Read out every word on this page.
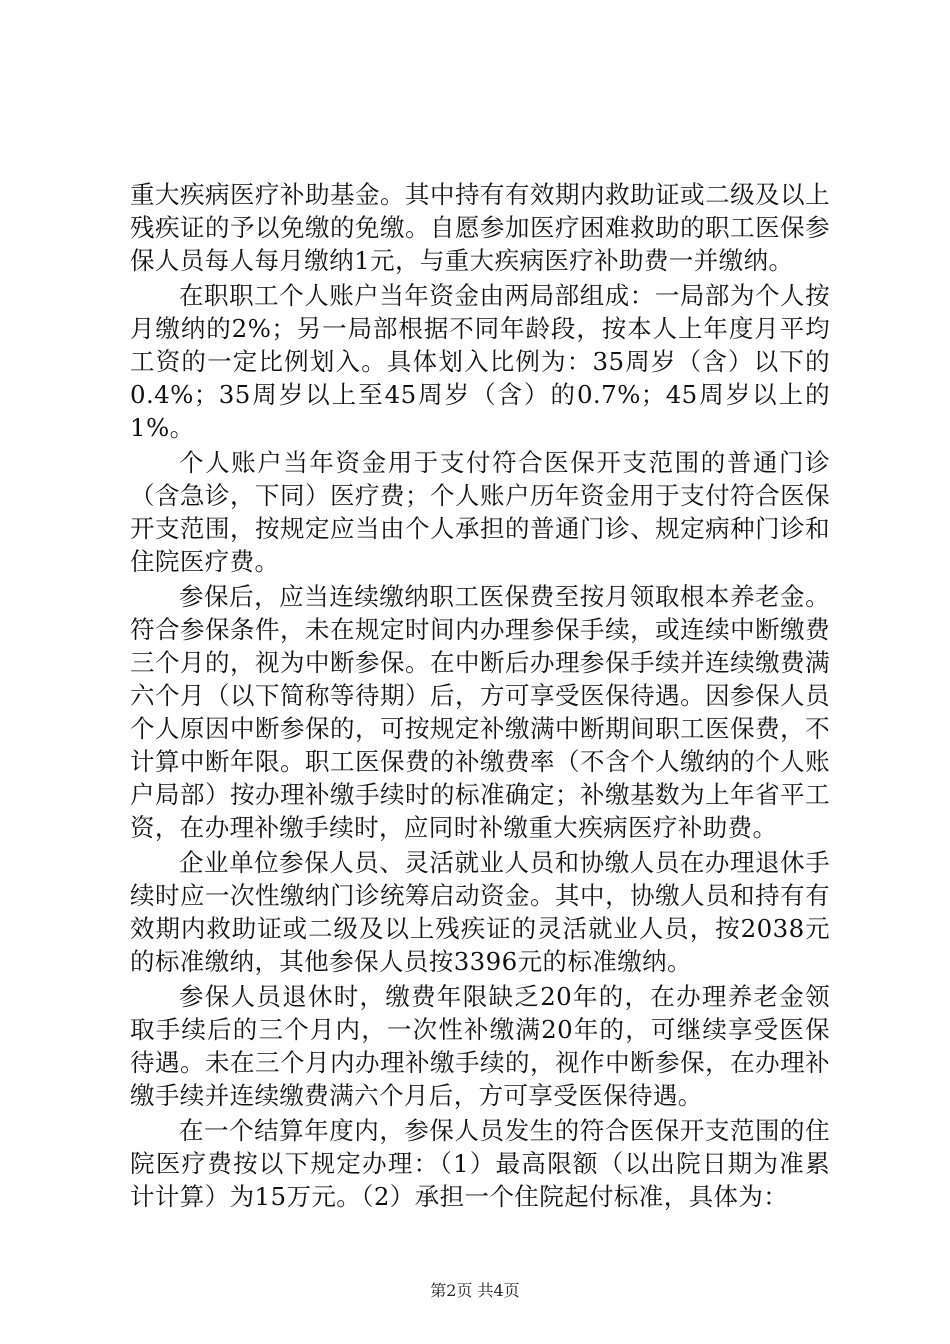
重大疾病医疗补助基金。其中持有有效期内救助证或二级及以上残疾证的予以免缴的免缴。自愿参加医疗困难救助的职工医保参保人员每人每月缴纳1元，与重大疾病医疗补助费一并缴纳。

在职职工个人账户当年资金由两局部组成：一局部为个人按月缴纳的2%；另一局部根据不同年龄段，按本人上年度月平均工资的一定比例划入。具体划入比例为：35周岁（含）以下的0.4%；35周岁以上至45周岁（含）的0.7%；45周岁以上的1%。

个人账户当年资金用于支付符合医保开支范围的普通门诊（含急诊，下同）医疗费；个人账户历年资金用于支付符合医保开支范围，按规定应当由个人承担的普通门诊、规定病种门诊和住院医疗费。

参保后，应当连续缴纳职工医保费至按月领取根本养老金。符合参保条件，未在规定时间内办理参保手续，或连续中断缴费三个月的，视为中断参保。在中断后办理参保手续并连续缴费满六个月（以下简称等待期）后，方可享受医保待遇。因参保人员个人原因中断参保的，可按规定补缴满中断期间职工医保费，不计算中断年限。职工医保费的补缴费率（不含个人缴纳的个人账户局部）按办理补缴手续时的标准确定；补缴基数为上年省平工资，在办理补缴手续时，应同时补缴重大疾病医疗补助费。

企业单位参保人员、灵活就业人员和协缴人员在办理退休手续时应一次性缴纳门诊统筹启动资金。其中，协缴人员和持有有效期内救助证或二级及以上残疾证的灵活就业人员，按2038元的标准缴纳，其他参保人员按3396元的标准缴纳。

参保人员退休时，缴费年限缺乏20年的，在办理养老金领取手续后的三个月内，一次性补缴满20年的，可继续享受医保待遇。未在三个月内办理补缴手续的，视作中断参保，在办理补缴手续并连续缴费满六个月后，方可享受医保待遇。

在一个结算年度内，参保人员发生的符合医保开支范围的住院医疗费按以下规定办理：（1）最高限额（以出院日期为准累计计算）为15万元。（2）承担一个住院起付标准，具体为：

第2页 共4页
